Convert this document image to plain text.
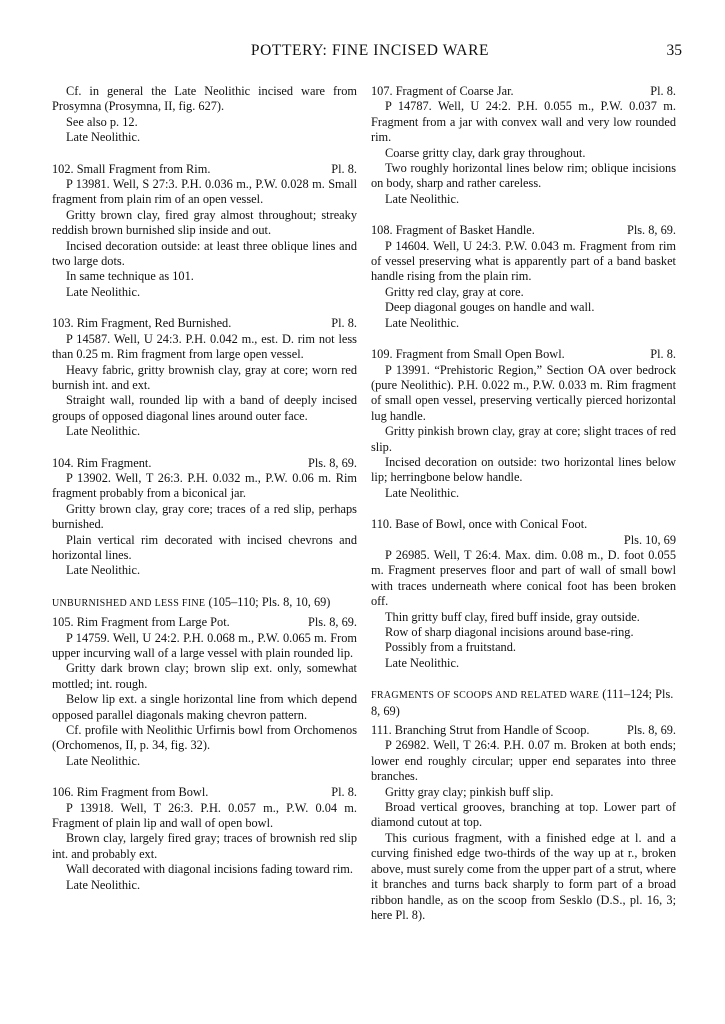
POTTERY: FINE INCISED WARE	35

Cf. in general the Late Neolithic incised ware from Prosymna (Prosymna, II, fig. 627).

See also p. 12.

Late Neolithic.

Pl. 8.
102. Small Fragment from Rim.

P 13981. Well, S 27:3. P.H. 0.036 m., P.W. 0.028 m. Small fragment from plain rim of an open vessel.

Gritty brown clay, fired gray almost throughout; streaky reddish brown burnished slip inside and out.

Incised decoration outside: at least three oblique lines and two large dots.

In same technique as 101.

Late Neolithic.

Pl. 8.
103. Rim Fragment, Red Burnished.

P 14587. Well, U 24:3. P.H. 0.042 m., est. D. rim not less than 0.25 m. Rim fragment from large open vessel.

Heavy fabric, gritty brownish clay, gray at core; worn red burnish int. and ext.

Straight wall, rounded lip with a band of deeply incised groups of opposed diagonal lines around outer face.

Late Neolithic.

Pls. 8, 69.
104. Rim Fragment.

P 13902. Well, T 26:3. P.H. 0.032 m., P.W. 0.06 m. Rim fragment probably from a biconical jar.

Gritty brown clay, gray core; traces of a red slip, perhaps burnished.

Plain vertical rim decorated with incised chevrons and horizontal lines.

Late Neolithic.

UNBURNISHED AND LESS FINE (105–110; Pls. 8, 10, 69)

Pls. 8, 69.
105. Rim Fragment from Large Pot.

P 14759. Well, U 24:2. P.H. 0.068 m., P.W. 0.065 m. From upper incurving wall of a large vessel with plain rounded lip.

Gritty dark brown clay; brown slip ext. only, somewhat mottled; int. rough.

Below lip ext. a single horizontal line from which depend opposed parallel diagonals making chevron pattern.

Cf. profile with Neolithic Urfirnis bowl from Orchomenos (Orchomenos, II, p. 34, fig. 32).

Late Neolithic.

Pl. 8.
106. Rim Fragment from Bowl.

P 13918. Well, T 26:3. P.H. 0.057 m., P.W. 0.04 m. Fragment of plain lip and wall of open bowl.

Brown clay, largely fired gray; traces of brownish red slip int. and probably ext.

Wall decorated with diagonal incisions fading toward rim.

Late Neolithic.

Pl. 8.
107. Fragment of Coarse Jar.

P 14787. Well, U 24:2. P.H. 0.055 m., P.W. 0.037 m. Fragment from a jar with convex wall and very low rounded rim.

Coarse gritty clay, dark gray throughout.

Two roughly horizontal lines below rim; oblique incisions on body, sharp and rather careless.

Late Neolithic.

Pls. 8, 69.
108. Fragment of Basket Handle.

P 14604. Well, U 24:3. P.W. 0.043 m. Fragment from rim of vessel preserving what is apparently part of a band basket handle rising from the plain rim.

Gritty red clay, gray at core.

Deep diagonal gouges on handle and wall.

Late Neolithic.

Pl. 8.
109. Fragment from Small Open Bowl.

P 13991. “Prehistoric Region,” Section OA over bedrock (pure Neolithic). P.H. 0.022 m., P.W. 0.033 m. Rim fragment of small open vessel, preserving vertically pierced horizontal lug handle.

Gritty pinkish brown clay, gray at core; slight traces of red slip.

Incised decoration on outside: two horizontal lines below lip; herringbone below handle.

Late Neolithic.

110. Base of Bowl, once with Conical Foot.
Pls. 10, 69

P 26985. Well, T 26:4. Max. dim. 0.08 m., D. foot 0.055 m. Fragment preserves floor and part of wall of small bowl with traces underneath where conical foot has been broken off.

Thin gritty buff clay, fired buff inside, gray outside.

Row of sharp diagonal incisions around base-ring.

Possibly from a fruitstand.

Late Neolithic.

FRAGMENTS OF SCOOPS AND RELATED WARE (111–124; Pls. 8, 69)

Pls. 8, 69.
111. Branching Strut from Handle of Scoop.

P 26982. Well, T 26:4. P.H. 0.07 m. Broken at both ends; lower end roughly circular; upper end separates into three branches.

Gritty gray clay; pinkish buff slip.

Broad vertical grooves, branching at top. Lower part of diamond cutout at top.

This curious fragment, with a finished edge at l. and a curving finished edge two-thirds of the way up at r., broken above, must surely come from the upper part of a strut, where it branches and turns back sharply to form part of a broad ribbon handle, as on the scoop from Sesklo (D.S., pl. 16, 3; here Pl. 8).
